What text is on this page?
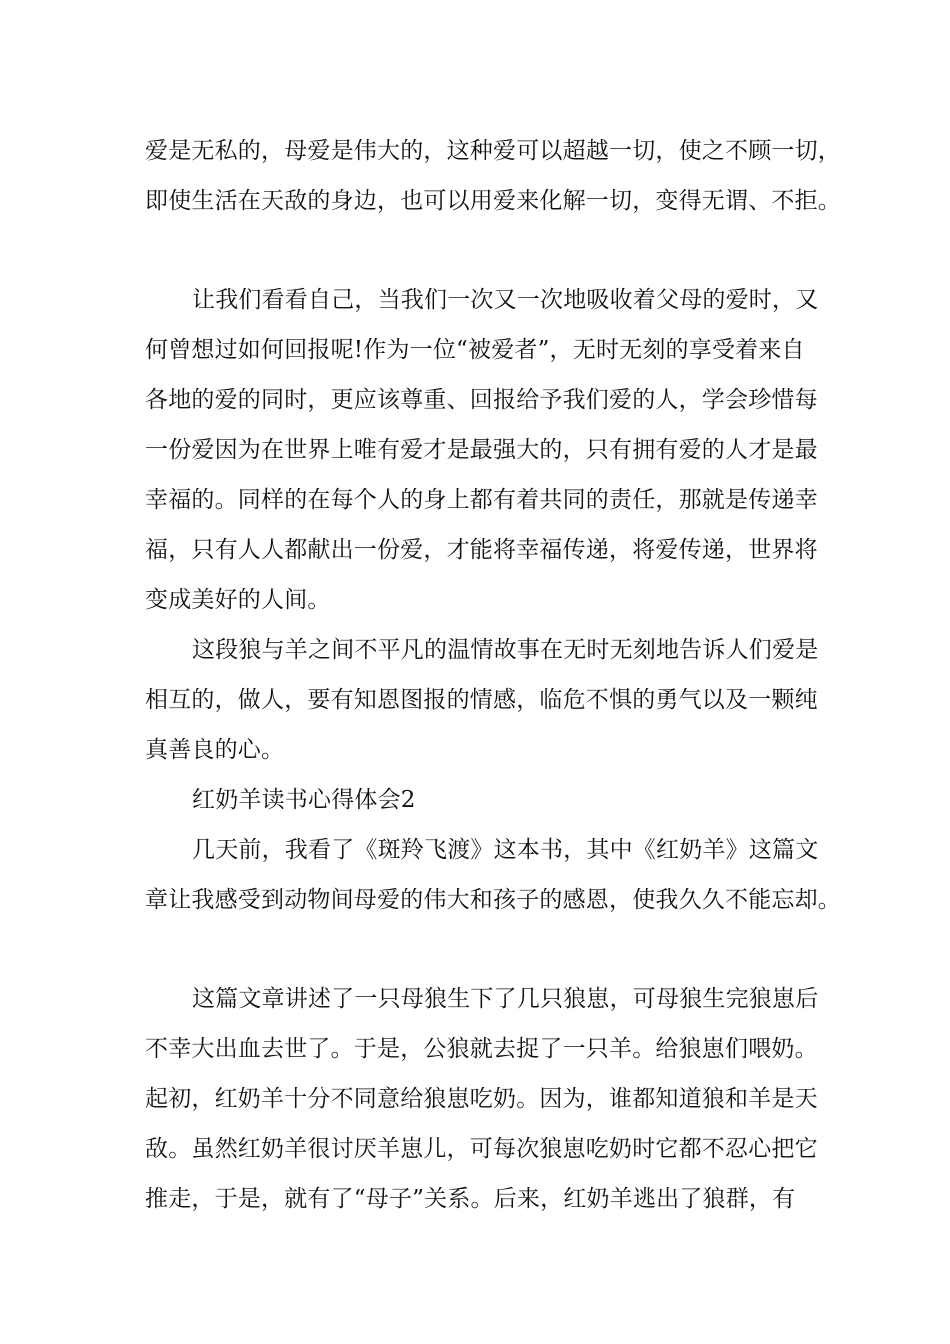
爱是无私的，母爱是伟大的，这种爱可以超越一切，使之不顾一切，
即使生活在天敌的身边，也可以用爱来化解一切，变得无谓、不拒。
让我们看看自己，当我们一次又一次地吸收着父母的爱时，又
何曾想过如何回报呢!作为一位“被爱者”，无时无刻的享受着来自
各地的爱的同时，更应该尊重、回报给予我们爱的人，学会珍惜每
一份爱因为在世界上唯有爱才是最强大的，只有拥有爱的人才是最
幸福的。同样的在每个人的身上都有着共同的责任，那就是传递幸
福，只有人人都献出一份爱，才能将幸福传递，将爱传递，世界将
变成美好的人间。
这段狼与羊之间不平凡的温情故事在无时无刻地告诉人们爱是
相互的，做人，要有知恩图报的情感，临危不惧的勇气以及一颗纯
真善良的心。
红奶羊读书心得体会2
几天前，我看了《斑羚飞渡》这本书，其中《红奶羊》这篇文
章让我感受到动物间母爱的伟大和孩子的感恩，使我久久不能忘却。
这篇文章讲述了一只母狼生下了几只狼崽，可母狼生完狼崽后
不幸大出血去世了。于是，公狼就去捉了一只羊。给狼崽们喂奶。
起初，红奶羊十分不同意给狼崽吃奶。因为，谁都知道狼和羊是天
敌。虽然红奶羊很讨厌羊崽儿，可每次狼崽吃奶时它都不忍心把它
推走，于是，就有了“母子”关系。后来，红奶羊逃出了狼群，有
